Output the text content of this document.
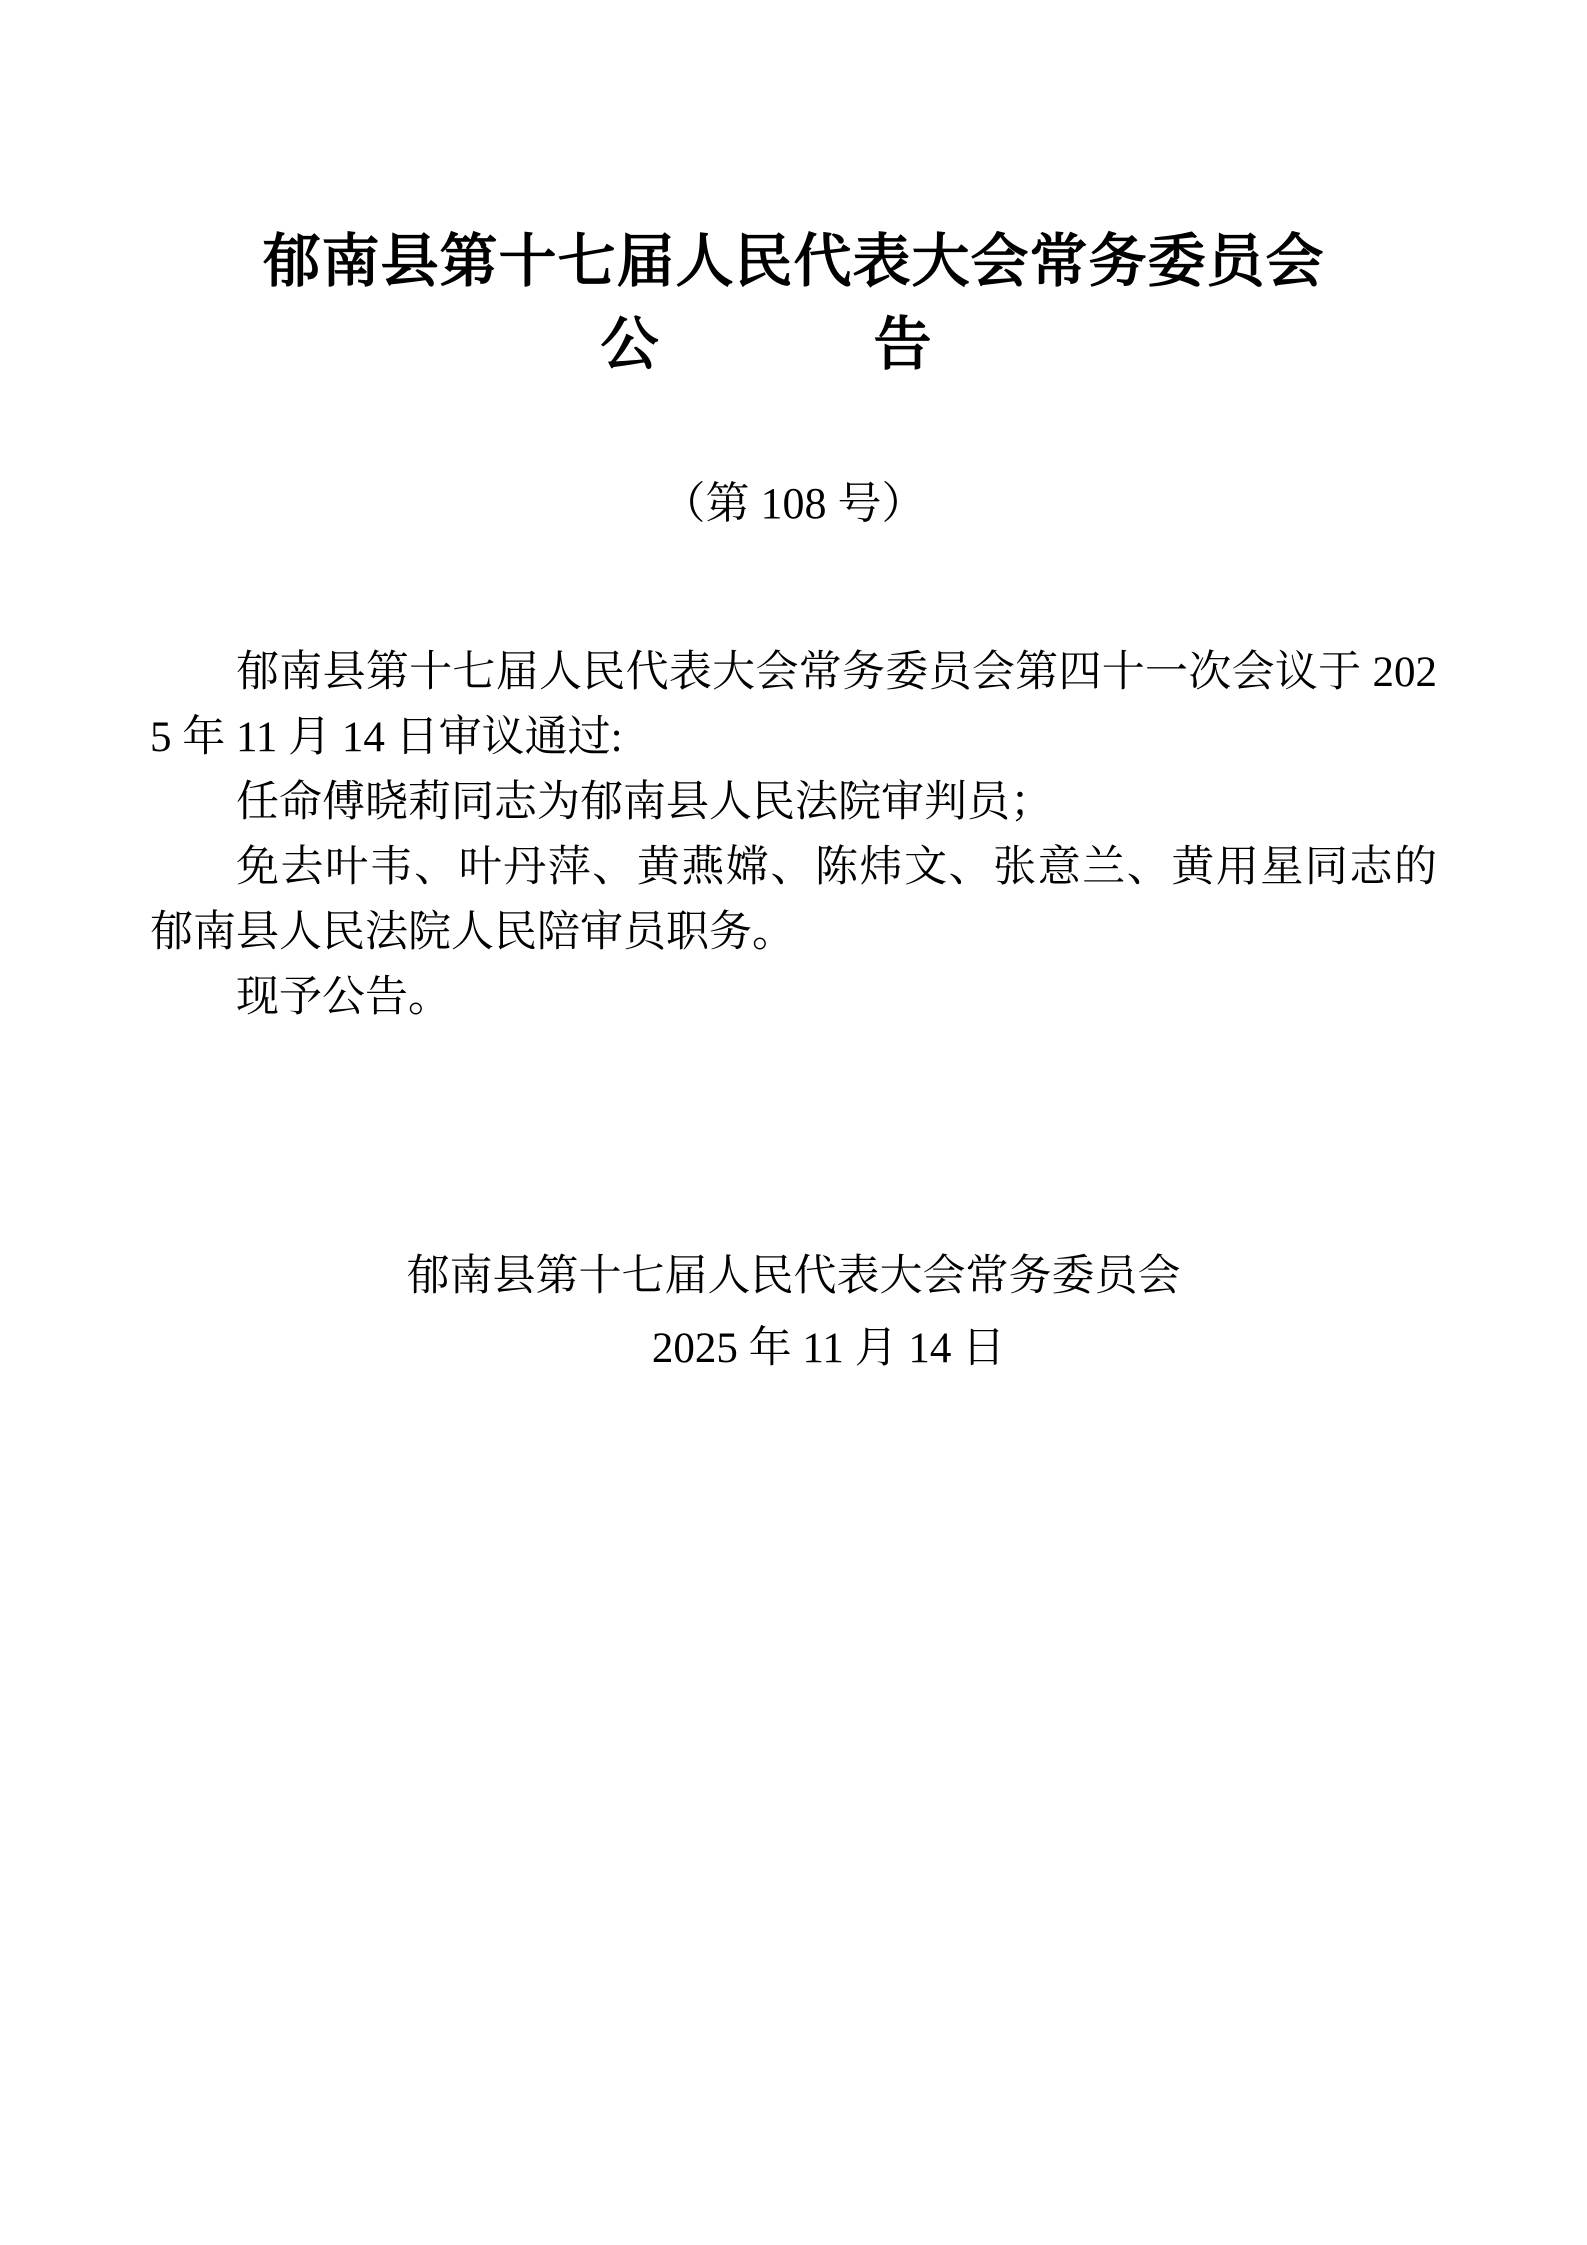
郁南县第十七届人民代表大会常务委员会
公	告
（第 108 号）

郁南县第十七届人民代表大会常务委员会第四十一次会议于 2025 年 11 月 14 日审议通过:

任命傅晓莉同志为郁南县人民法院审判员；

免去叶韦、叶丹萍、黄燕嫦、陈炜文、张意兰、黄用星同志的郁南县人民法院人民陪审员职务。

现予公告。

郁南县第十七届人民代表大会常务委员会

2025 年 11 月 14 日
